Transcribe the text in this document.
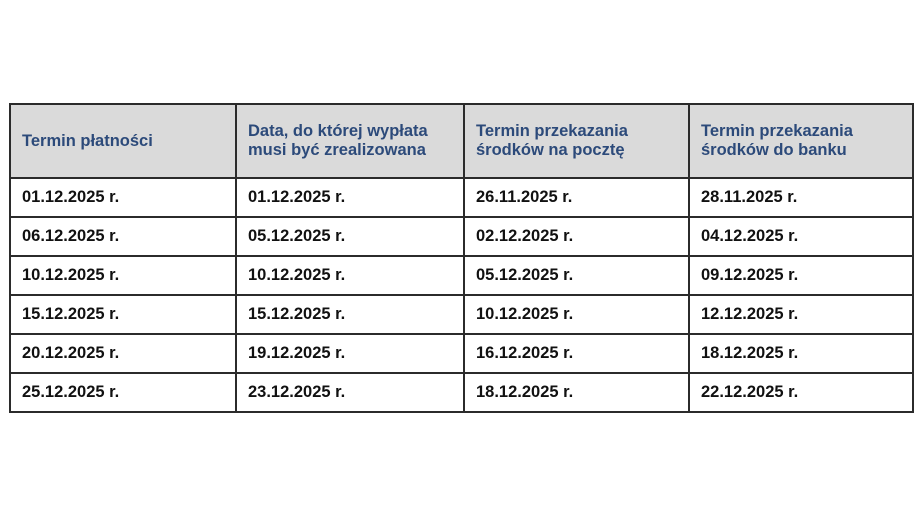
Termin płatności	Data, do której wypłata musi być zrealizowana	Termin przekazania środków na pocztę	Termin przekazania środków do banku
01.12.2025 r.	01.12.2025 r.	26.11.2025 r.	28.11.2025 r.
06.12.2025 r.	05.12.2025 r.	02.12.2025 r.	04.12.2025 r.
10.12.2025 r.	10.12.2025 r.	05.12.2025 r.	09.12.2025 r.
15.12.2025 r.	15.12.2025 r.	10.12.2025 r.	12.12.2025 r.
20.12.2025 r.	19.12.2025 r.	16.12.2025 r.	18.12.2025 r.
25.12.2025 r.	23.12.2025 r.	18.12.2025 r.	22.12.2025 r.
